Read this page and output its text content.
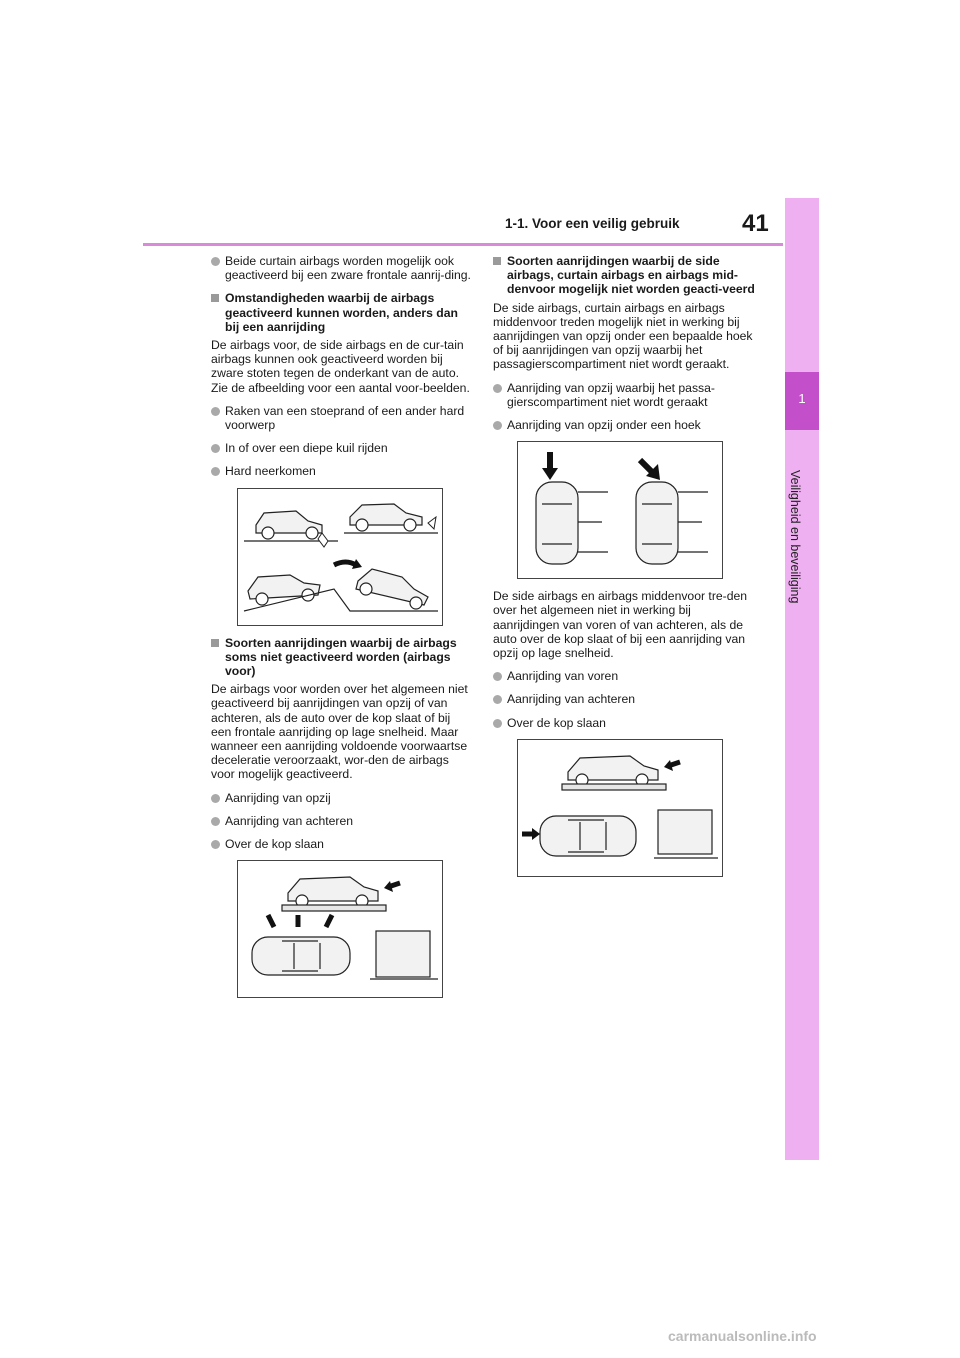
1-1. Voor een veilig gebruik	41
1
Veiligheid en beveiliging
Beide curtain airbags worden mogelijk ook geactiveerd bij een zware frontale aanrij-ding.
Omstandigheden waarbij de airbags geactiveerd kunnen worden, anders dan bij een aanrijding
De airbags voor, de side airbags en de cur-tain airbags kunnen ook geactiveerd worden bij zware stoten tegen de onderkant van de auto. Zie de afbeelding voor een aantal voor-beelden.
Raken van een stoeprand of een ander hard voorwerp
In of over een diepe kuil rijden
Hard neerkomen
Soorten aanrijdingen waarbij de airbags soms niet geactiveerd worden (airbags voor)
De airbags voor worden over het algemeen niet geactiveerd bij aanrijdingen van opzij of van achteren, als de auto over de kop slaat of bij een frontale aanrijding op lage snelheid. Maar wanneer een aanrijding voldoende voorwaartse deceleratie veroorzaakt, wor-den de airbags voor mogelijk geactiveerd.
Aanrijding van opzij
Aanrijding van achteren
Over de kop slaan
Soorten aanrijdingen waarbij de side airbags, curtain airbags en airbags mid-denvoor mogelijk niet worden geacti-veerd
De side airbags, curtain airbags en airbags middenvoor treden mogelijk niet in werking bij aanrijdingen van opzij onder een bepaalde hoek of bij aanrijdingen van opzij waarbij het passagierscompartiment niet wordt geraakt.
Aanrijding van opzij waarbij het passa-gierscompartiment niet wordt geraakt
Aanrijding van opzij onder een hoek
De side airbags en airbags middenvoor tre-den over het algemeen niet in werking bij aanrijdingen van voren of van achteren, als de auto over de kop slaat of bij een aanrijding van opzij op lage snelheid.
Aanrijding van voren
Aanrijding van achteren
Over de kop slaan
carmanualsonline.info
